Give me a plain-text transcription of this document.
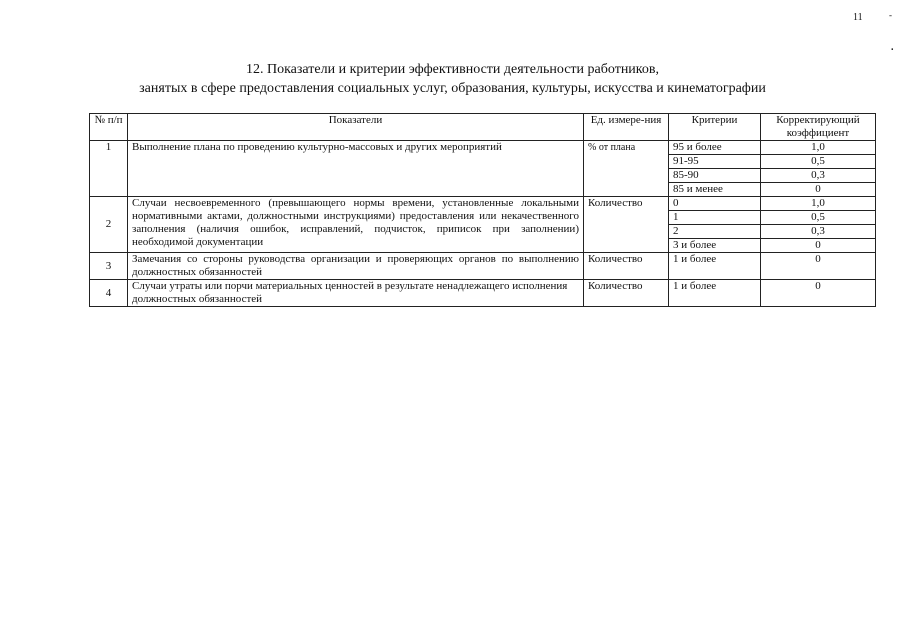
11	-
.
12. Показатели и критерии эффективности деятельности работников,
занятых в сфере предоставления социальных услуг, образования, культуры, искусства и кинематографии
№ п/п	Показатели	Ед. измере-ния	Критерии	Корректирующий коэффициент
1	Выполнение плана по проведению культурно-массовых и других мероприятий	% от плана	95 и более	1,0
			91-95	0,5
			85-90	0,3
			85 и менее	0
2	Случаи несвоевременного (превышающего нормы времени, установленные локальными нормативными актами, должностными инструкциями) предоставления или некачественного заполнения (наличия ошибок, исправлений, подчисток, приписок при заполнении) необходимой документации	Количество	0	1,0
			1	0,5
			2	0,3
			3 и более	0
3	Замечания со стороны руководства организации и проверяющих органов по выполнению должностных обязанностей	Количество	1 и более	0
4	Случаи утраты или порчи материальных ценностей в результате ненадлежащего исполнения должностных обязанностей	Количество	1 и более	0
